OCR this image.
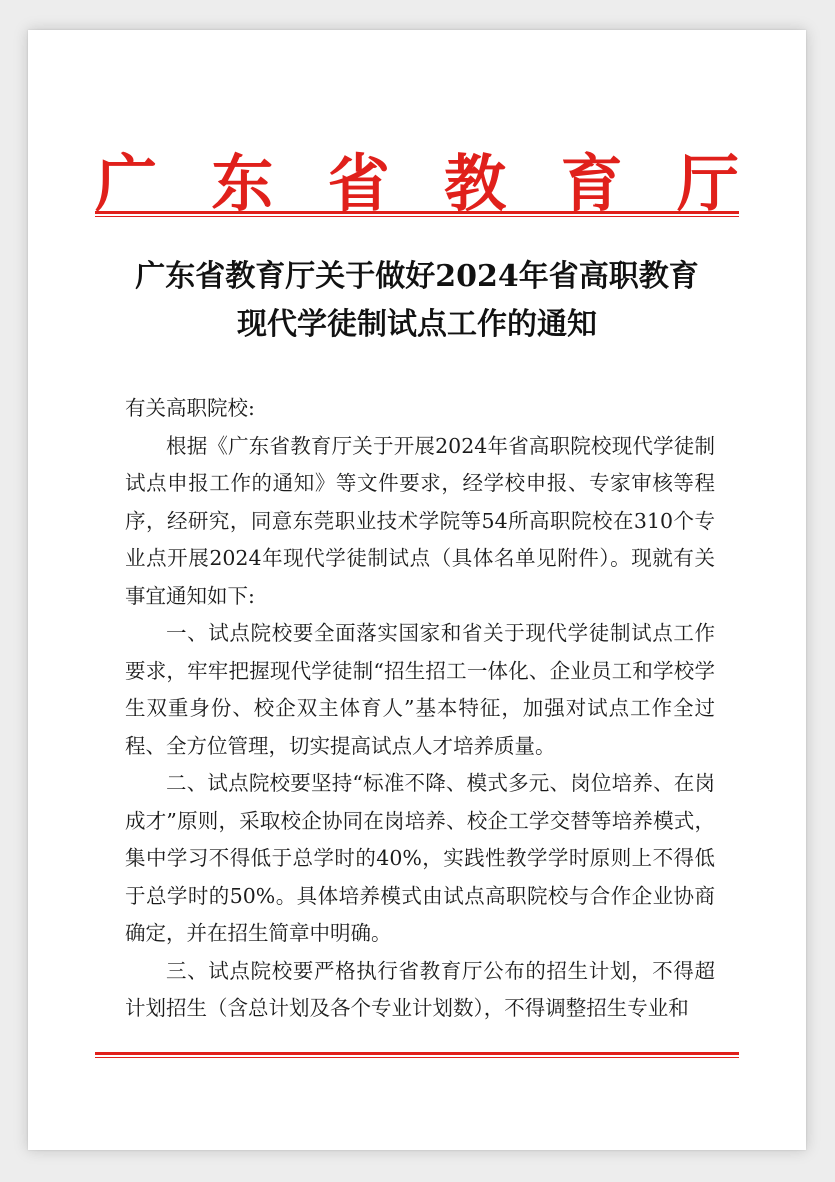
广 东 省 教 育 厅
广东省教育厅关于做好2024年省高职教育
现代学徒制试点工作的通知

有关高职院校:

根据《广东省教育厅关于开展2024年省高职院校现代学徒制试点申报工作的通知》等文件要求，经学校申报、专家审核等程序，经研究，同意东莞职业技术学院等54所高职院校在310个专业点开展2024年现代学徒制试点（具体名单见附件）。现就有关事宜通知如下:

一、试点院校要全面落实国家和省关于现代学徒制试点工作要求，牢牢把握现代学徒制“招生招工一体化、企业员工和学校学生双重身份、校企双主体育人”基本特征，加强对试点工作全过程、全方位管理，切实提高试点人才培养质量。

二、试点院校要坚持“标准不降、模式多元、岗位培养、在岗成才”原则，采取校企协同在岗培养、校企工学交替等培养模式，集中学习不得低于总学时的40%，实践性教学学时原则上不得低于总学时的50%。具体培养模式由试点高职院校与合作企业协商确定，并在招生简章中明确。

三、试点院校要严格执行省教育厅公布的招生计划，不得超计划招生（含总计划及各个专业计划数），不得调整招生专业和
